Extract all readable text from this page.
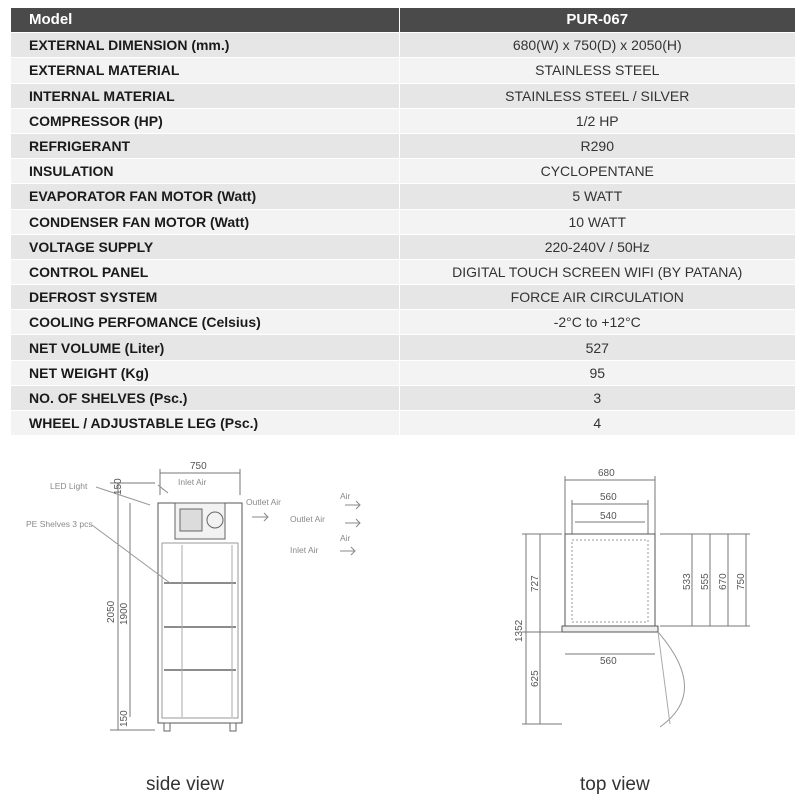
Model	PUR-067
EXTERNAL DIMENSION (mm.)	680(W) x 750(D) x 2050(H)
EXTERNAL MATERIAL	STAINLESS STEEL
INTERNAL MATERIAL	STAINLESS STEEL / SILVER
COMPRESSOR (HP)	1/2 HP
REFRIGERANT	R290
INSULATION	CYCLOPENTANE
EVAPORATOR FAN MOTOR (Watt)	5 WATT
CONDENSER FAN MOTOR (Watt)	10 WATT
VOLTAGE SUPPLY	220-240V / 50Hz
CONTROL PANEL	DIGITAL TOUCH SCREEN WIFI (BY PATANA)
DEFROST SYSTEM	FORCE AIR CIRCULATION
COOLING PERFOMANCE (Celsius)	-2°C to +12°C
NET VOLUME (Liter)	527
NET WEIGHT (Kg)	95
NO. OF SHELVES (Psc.)	3
WHEEL / ADJUSTABLE LEG (Psc.)	4
750
150
2050 1900
150
LED Light
PE Shelves 3 pcs
Inlet Air
Outlet Air
Outlet Air
Inlet Air
Air
Air
680
560
540
727
1352
625
533 555 670 750
560
side view	top view
